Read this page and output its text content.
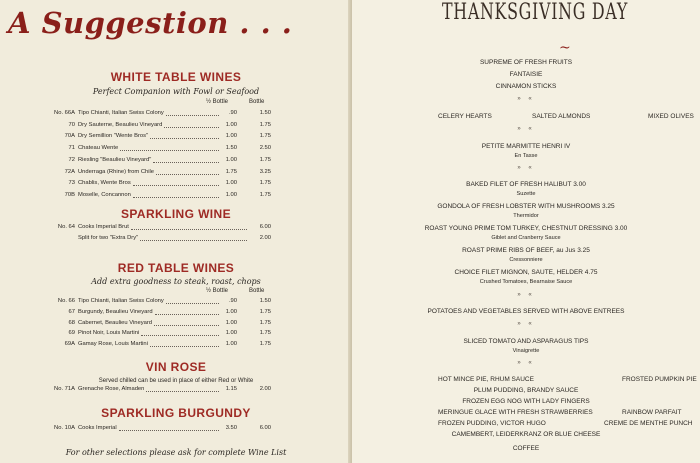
A Suggestion . . .
WHITE TABLE WINES
Perfect Companion with Fowl or Seafood
½ Bottle	Bottle
No. 66A Tipo Chianti, Italian Swiss Colony	.90	1.50
70 Dry Sauterne, Beaulieu Vineyard	1.00	1.75
70A Dry Semillion "Wente Bros"	1.00	1.75
71 Chateau Wente	1.50	2.50
72 Riesling "Beaulieu Vineyard"	1.00	1.75
72A Underraga (Rhine) from Chile	1.75	3.25
73 Chablis, Wente Bros	1.00	1.75
70B Moselle, Concannon	1.00	1.75
SPARKLING WINE
No. 64 Cooks Imperial Brut	6.00
Split for two "Extra Dry"	2.00
RED TABLE WINES
Add extra goodness to steak, roast, chops
½ Bottle	Bottle
No. 66 Tipo Chianti, Italian Swiss Colony	.90	1.50
67 Burgundy, Beaulieu Vineyard	1.00	1.75
68 Cabernet, Beaulieu Vineyard	1.00	1.75
69 Pinot Noir, Louis Martini	1.00	1.75
69A Gamay Rose, Louis Martini	1.00	1.75
VIN ROSE
Served chilled can be used in place of either Red or White
No. 71A Grenache Rose, Almaden	1.15	2.00
SPARKLING BURGUNDY
No. 10A Cooks Imperial	3.50	6.00
For other selections please ask for complete Wine List
THANKSGIVING DAY
~
SUPREME OF FRESH FRUITS
FANTAISIE
CINNAMON STICKS
» «
CELERY HEARTS	SALTED ALMONDS	MIXED OLIVES
» «
PETITE MARMITTE HENRI IV
En Tasse
» «
BAKED FILET OF FRESH HALIBUT 3.00
Suzette
GONDOLA OF FRESH LOBSTER WITH MUSHROOMS 3.25
Thermidor
ROAST YOUNG PRIME TOM TURKEY, CHESTNUT DRESSING 3.00
Giblet and Cranberry Sauce
ROAST PRIME RIBS OF BEEF, au Jus 3.25
Cressonniere
CHOICE FILET MIGNON, SAUTE, HELDER 4.75
Crushed Tomatoes, Bearnaise Sauce
» «
POTATOES AND VEGETABLES SERVED WITH ABOVE ENTREES
» «
SLICED TOMATO AND ASPARAGUS TIPS
Vinaigrette
» «
HOT MINCE PIE, RHUM SAUCE	FROSTED PUMPKIN PIE
PLUM PUDDING, BRANDY SAUCE
FROZEN EGG NOG WITH LADY FINGERS
MERINGUE GLACE WITH FRESH STRAWBERRIES	RAINBOW PARFAIT
FROZEN PUDDING, VICTOR HUGO	CREME DE MENTHE PUNCH
CAMEMBERT, LEIDERKRANZ OR BLUE CHEESE
COFFEE
